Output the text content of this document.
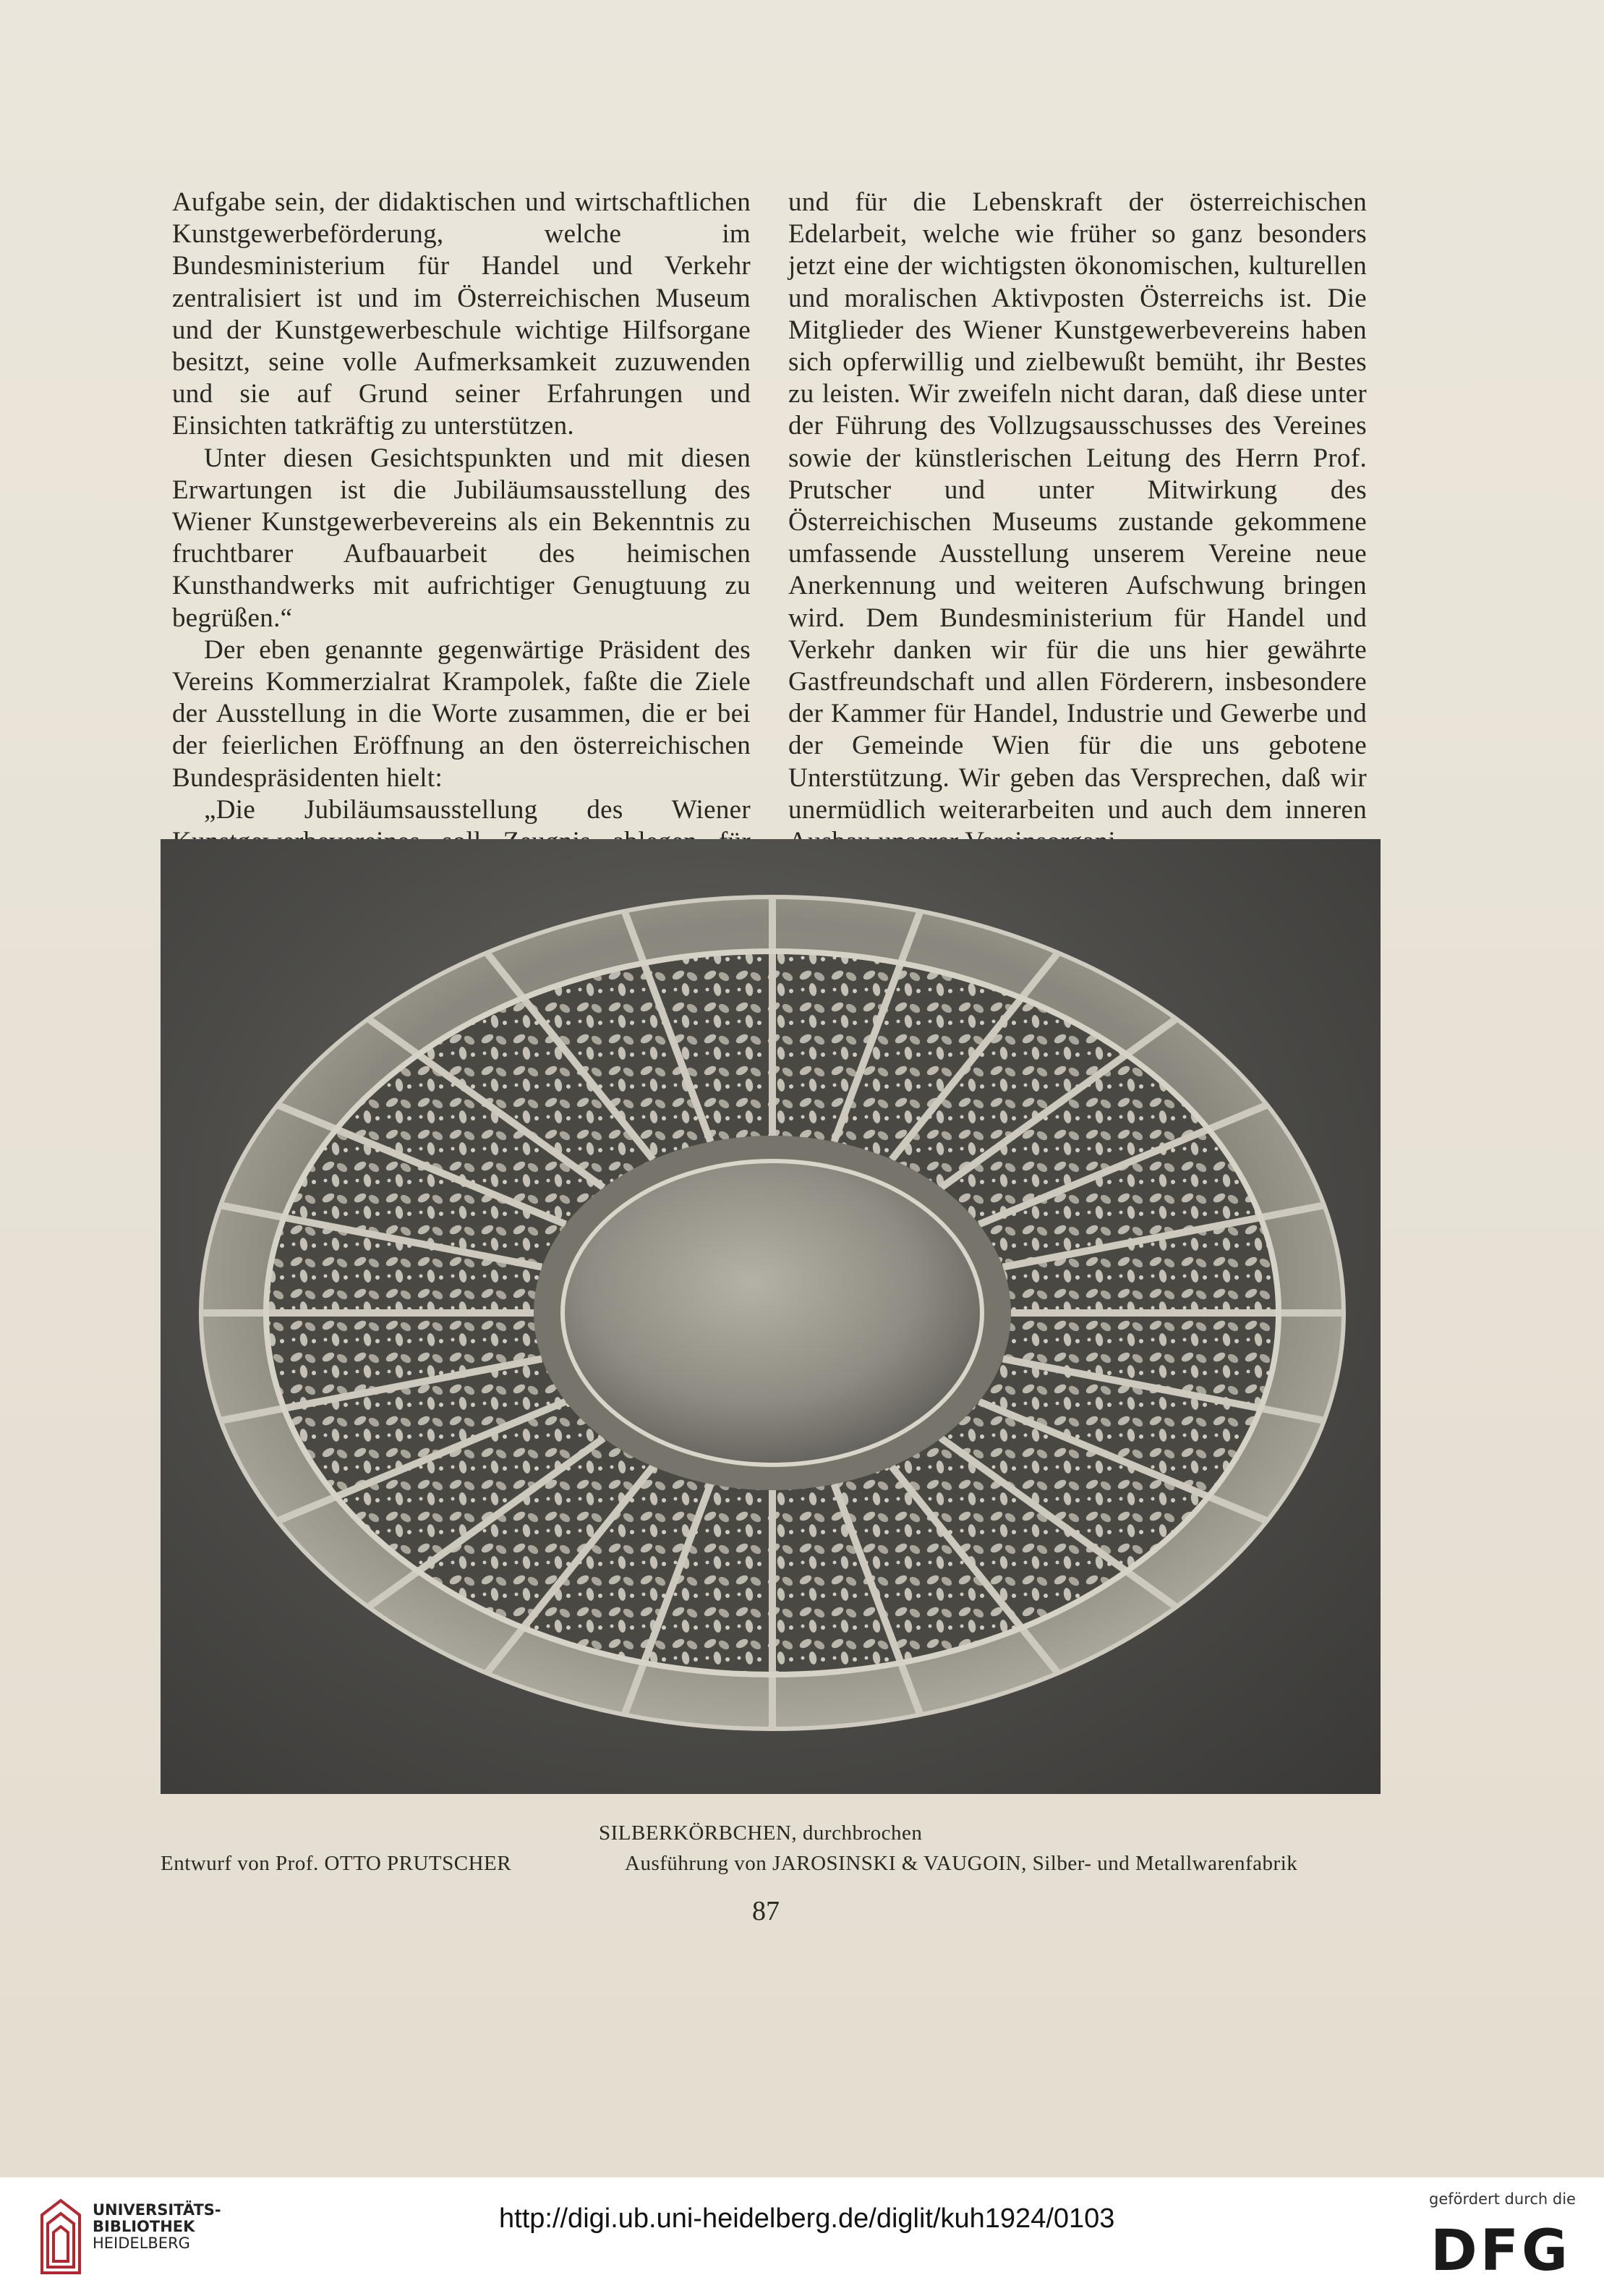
Aufgabe sein, der didaktischen und wirtschaftlichen Kunstgewerbeförderung, welche im Bundesministerium für Handel und Verkehr zentralisiert ist und im Österreichischen Museum und der Kunstgewerbeschule wichtige Hilfsorgane besitzt, seine volle Aufmerksamkeit zuzuwenden und sie auf Grund seiner Erfahrungen und Einsichten tatkräftig zu unterstützen.

Unter diesen Gesichtspunkten und mit diesen Erwartungen ist die Jubiläumsausstellung des Wiener Kunstgewerbevereins als ein Bekenntnis zu fruchtbarer Aufbauarbeit des heimischen Kunsthandwerks mit aufrichtiger Genugtuung zu begrüßen.“

Der eben genannte gegenwärtige Präsident des Vereins Kommerzialrat Krampolek, faßte die Ziele der Ausstellung in die Worte zusammen, die er bei der feierlichen Eröffnung an den österreichischen Bundespräsidenten hielt:

„Die Jubiläumsausstellung des Wiener

und für die Lebenskraft der österreichischen Edelarbeit, welche wie früher so ganz besonders jetzt eine der wichtigsten ökonomischen, kulturellen und moralischen Aktivposten Österreichs ist. Die Mitglieder des Wiener Kunstgewerbevereins haben sich opferwillig und zielbewußt bemüht, ihr Bestes zu leisten. Wir zweifeln nicht daran, daß diese unter der Führung des Vollzugsausschusses des Vereines sowie der künstlerischen Leitung des Herrn Prof. Prutscher und unter Mitwirkung des Österreichischen Museums zustande gekommene umfassende Ausstellung unserem Vereine neue Anerkennung und weiteren Aufschwung bringen wird. Dem Bundesministerium für Handel und Verkehr danken wir für die uns hier gewährte Gastfreundschaft und allen Förderern, insbesondere der Kammer für Handel, Industrie und Gewerbe und der Gemeinde Wien für die uns gebotene Unterstützung. Wir geben das Versprechen, daß wir unermüdlich weiterarbeiten und auch dem inneren

SILBERKÖRBCHEN, durchbrochen
Entwurf von Prof. OTTO PRUTSCHER	Ausführung von JAROSINSKI & VAUGOIN, Silber- und Metallwarenfabrik
87
UNIVERSITÄTS-
BIBLIOTHEK
HEIDELBERG
http://digi.ub.uni-heidelberg.de/diglit/kuh1924/0103
gefördert durch die
DFG
